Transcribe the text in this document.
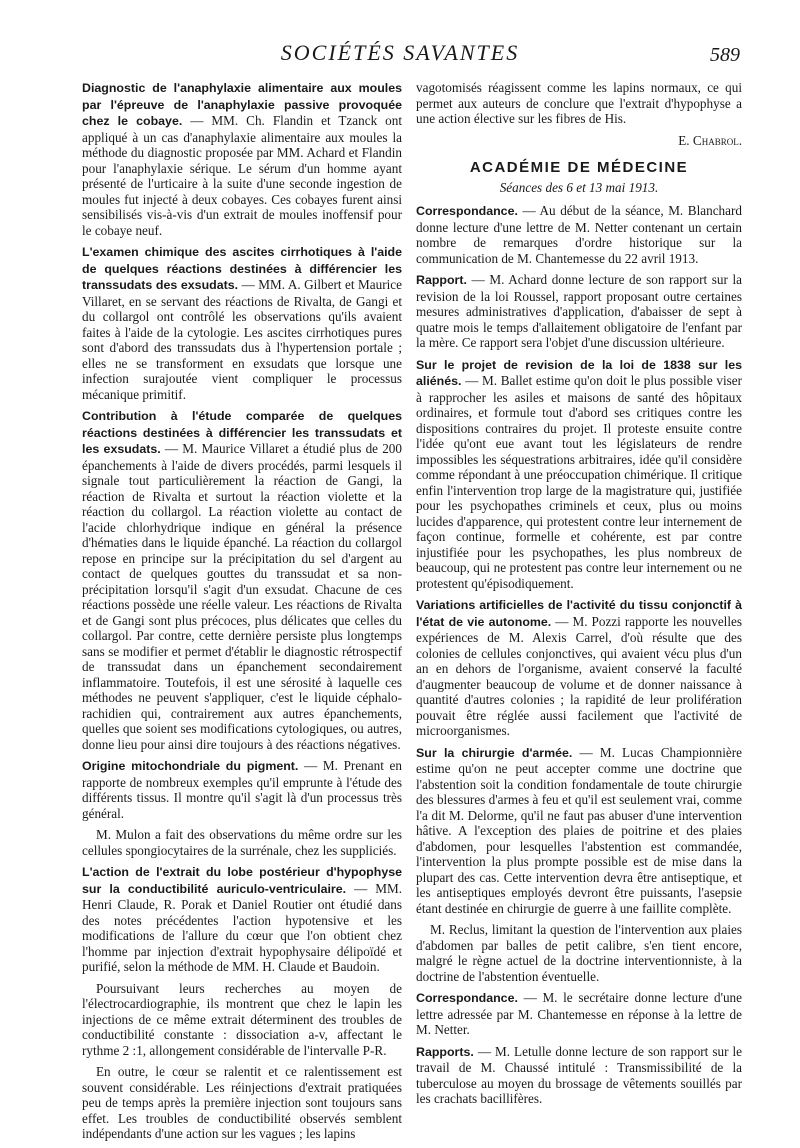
SOCIÉTÉS SAVANTES	589

Diagnostic de l'anaphylaxie alimentaire aux moules par l'épreuve de l'anaphylaxie passive provoquée chez le cobaye. — MM. Ch. Flandin et Tzanck ont appliqué à un cas d'anaphylaxie alimentaire aux moules la méthode du diagnostic proposée par MM. Achard et Flandin pour l'anaphylaxie sérique. Le sérum d'un homme ayant présenté de l'urticaire à la suite d'une seconde ingestion de moules fut injecté à deux cobayes. Ces cobayes furent ainsi sensibilisés vis-à-vis d'un extrait de moules inoffensif pour le cobaye neuf.

L'examen chimique des ascites cirrhotiques à l'aide de quelques réactions destinées à différencier les transsudats des exsudats. — MM. A. Gilbert et Maurice Villaret, en se servant des réactions de Rivalta, de Gangi et du collargol ont contrôlé les observations qu'ils avaient faites à l'aide de la cytologie. Les ascites cirrhotiques pures sont d'abord des transsudats dus à l'hypertension portale ; elles ne se transforment en exsudats que lorsque une infection surajoutée vient compliquer le processus mécanique primitif.

Contribution à l'étude comparée de quelques réactions destinées à différencier les transsudats et les exsudats. — M. Maurice Villaret a étudié plus de 200 épanchements à l'aide de divers procédés, parmi lesquels il signale tout particulièrement la réaction de Gangi, la réaction de Rivalta et surtout la réaction violette et la réaction du collargol. La réaction violette au contact de l'acide chlorhydrique indique en général la présence d'hématies dans le liquide épanché. La réaction du collargol repose en principe sur la précipitation du sel d'argent au contact de quelques gouttes du transsudat et sa non-précipitation lorsqu'il s'agit d'un exsudat. Chacune de ces réactions possède une réelle valeur. Les réactions de Rivalta et de Gangi sont plus précoces, plus délicates que celles du collargol. Par contre, cette dernière persiste plus longtemps sans se modifier et permet d'établir le diagnostic rétrospectif de transsudat dans un épanchement secondairement inflammatoire. Toutefois, il est une sérosité à laquelle ces méthodes ne peuvent s'appliquer, c'est le liquide céphalo-rachidien qui, contrairement aux autres épanchements, quelles que soient ses modifications cytologiques, ou autres, donne lieu pour ainsi dire toujours à des réactions négatives.

Origine mitochondriale du pigment. — M. Prenant en rapporte de nombreux exemples qu'il emprunte à l'étude des différents tissus. Il montre qu'il s'agit là d'un processus très général.

M. Mulon a fait des observations du même ordre sur les cellules spongiocytaires de la surrénale, chez les suppliciés.

L'action de l'extrait du lobe postérieur d'hypophyse sur la conductibilité auriculo-ventriculaire. — MM. Henri Claude, R. Porak et Daniel Routier ont étudié dans des notes précédentes l'action hypotensive et les modifications de l'allure du cœur que l'on obtient chez l'homme par injection d'extrait hypophysaire délipoïdé et purifié, selon la méthode de MM. H. Claude et Baudoin.

Poursuivant leurs recherches au moyen de l'électrocardiographie, ils montrent que chez le lapin les injections de ce même extrait déterminent des troubles de conductibilité constante : dissociation a-v, affectant le rythme 2 :1, allongement considérable de l'intervalle P-R.

En outre, le cœur se ralentit et ce ralentissement est souvent considérable. Les réinjections d'extrait pratiquées peu de temps après la première injection sont toujours sans effet. Les troubles de conductibilité observés semblent indépendants d'une action sur les vagues ; les lapins

vagotomisés réagissent comme les lapins normaux, ce qui permet aux auteurs de conclure que l'extrait d'hypophyse a une action élective sur les fibres de His.

E. Chabrol.

ACADÉMIE DE MÉDECINE
Séances des 6 et 13 mai 1913.

Correspondance. — Au début de la séance, M. Blanchard donne lecture d'une lettre de M. Netter contenant un certain nombre de remarques d'ordre historique sur la communication de M. Chantemesse du 22 avril 1913.

Rapport. — M. Achard donne lecture de son rapport sur la revision de la loi Roussel, rapport proposant outre certaines mesures administratives d'application, d'abaisser de sept à quatre mois le temps d'allaitement obligatoire de l'enfant par la mère. Ce rapport sera l'objet d'une discussion ultérieure.

Sur le projet de revision de la loi de 1838 sur les aliénés. — M. Ballet estime qu'on doit le plus possible viser à rapprocher les asiles et maisons de santé des hôpitaux ordinaires, et formule tout d'abord ses critiques contre les dispositions contraires du projet. Il proteste ensuite contre l'idée qu'ont eue avant tout les législateurs de rendre impossibles les séquestrations arbitraires, idée qu'il considère comme répondant à une préoccupation chimérique. Il critique enfin l'intervention trop large de la magistrature qui, justifiée pour les psychopathes criminels et ceux, plus ou moins lucides d'apparence, qui protestent contre leur internement de façon continue, formelle et cohérente, est par contre injustifiée pour les psychopathes, les plus nombreux de beaucoup, qui ne protestent pas contre leur internement ou ne protestent qu'épisodiquement.

Variations artificielles de l'activité du tissu conjonctif à l'état de vie autonome. — M. Pozzi rapporte les nouvelles expériences de M. Alexis Carrel, d'où résulte que des colonies de cellules conjonctives, qui avaient vécu plus d'un an en dehors de l'organisme, avaient conservé la faculté d'augmenter beaucoup de volume et de donner naissance à quantité d'autres colonies ; la rapidité de leur prolifération pouvait être réglée aussi facilement que l'activité de microorganismes.

Sur la chirurgie d'armée. — M. Lucas Championnière estime qu'on ne peut accepter comme une doctrine que l'abstention soit la condition fondamentale de toute chirurgie des blessures d'armes à feu et qu'il est seulement vrai, comme l'a dit M. Delorme, qu'il ne faut pas abuser d'une intervention hâtive. A l'exception des plaies de poitrine et des plaies d'abdomen, pour lesquelles l'abstention est commandée, l'intervention la plus prompte possible est de mise dans la plupart des cas. Cette intervention devra être antiseptique, et les antiseptiques employés devront être puissants, l'asepsie étant destinée en chirurgie de guerre à une faillite complète.

M. Reclus, limitant la question de l'intervention aux plaies d'abdomen par balles de petit calibre, s'en tient encore, malgré le règne actuel de la doctrine interventionniste, à la doctrine de l'abstention éventuelle.

Correspondance. — M. le secrétaire donne lecture d'une lettre adressée par M. Chantemesse en réponse à la lettre de M. Netter.

Rapports. — M. Letulle donne lecture de son rapport sur le travail de M. Chaussé intitulé : Transmissibilité de la tuberculose au moyen du brossage de vêtements souillés par les crachats bacillifères.
